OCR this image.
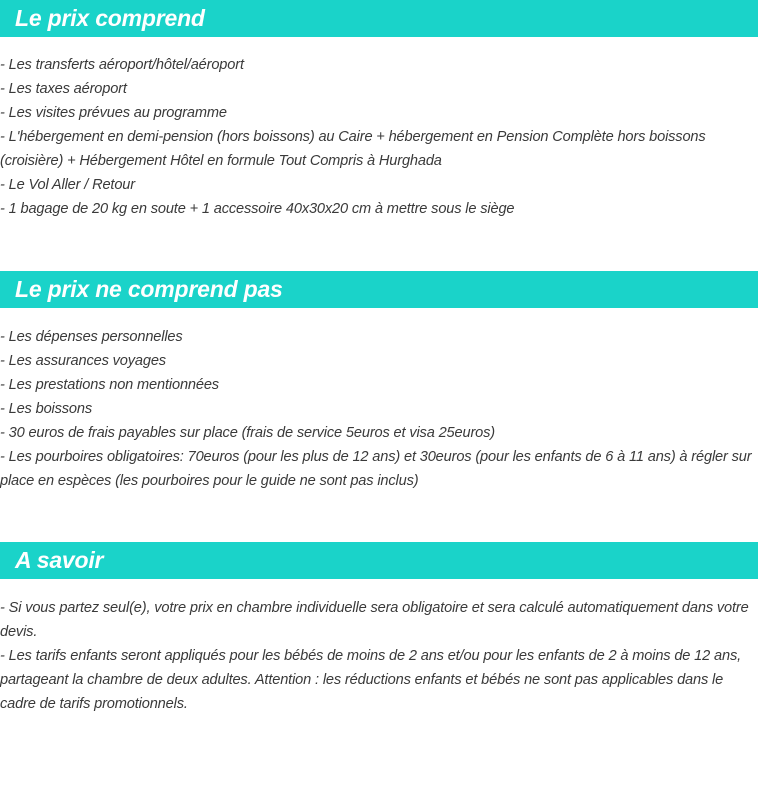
Le prix comprend
- Les transferts aéroport/hôtel/aéroport
- Les taxes aéroport
- Les visites prévues au programme
- L'hébergement en demi-pension (hors boissons) au Caire + hébergement en Pension Complète hors boissons (croisière) + Hébergement Hôtel en formule Tout Compris à Hurghada
- Le Vol Aller / Retour
- 1 bagage de 20 kg en soute + 1 accessoire 40x30x20 cm à mettre sous le siège
Le prix ne comprend pas
- Les dépenses personnelles
- Les assurances voyages
- Les prestations non mentionnées
- Les boissons
- 30 euros de frais payables sur place (frais de service 5euros et visa 25euros)
- Les pourboires obligatoires: 70euros (pour les plus de 12 ans) et 30euros (pour les enfants de 6 à 11 ans) à régler sur place en espèces (les pourboires pour le guide ne sont pas inclus)
A savoir
- Si vous partez seul(e), votre prix en chambre individuelle sera obligatoire et sera calculé automatiquement dans votre devis.
- Les tarifs enfants seront appliqués pour les bébés de moins de 2 ans et/ou pour les enfants de 2 à moins de 12 ans, partageant la chambre de deux adultes. Attention : les réductions enfants et bébés ne sont pas applicables dans le cadre de tarifs promotionnels.
